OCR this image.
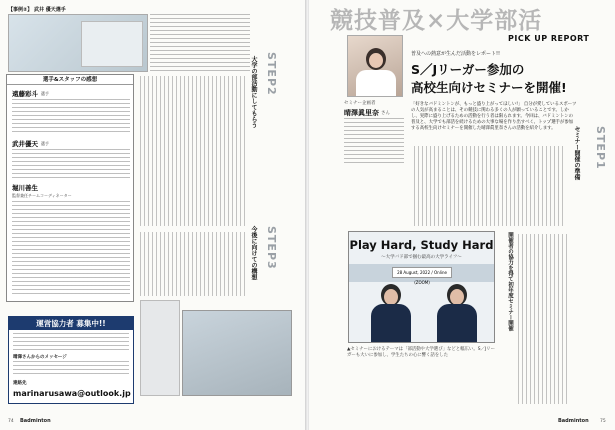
【事例②】 武井 優天選手
選手&スタッフの感想
遠藤彩斗 選手
武井優天 選手
堀川善生
監督兼任チームコーディネーター
運営協力者 募集中!!
晴澤さんからのメッセージ
連絡先
marinarusawa@outlook.jp
STEP2
大学の部活動にしてもらう
STEP3
今後に向けての構想
74 Badminton
競技普及×大学部活
PICK UP REPORT
セミナー企画者
晴澤眞里奈 さん
普及への熱意が生んだ活動をレポート!!
S／Jリーガー参加の
高校生向けセミナーを開催!
「好きなバドミントンが、もっと盛り上がってほしい!」 自分が愛しているスポーツの人気が高まることは、その競技に関わる多くの人が願っていることです。しかし、実際に盛り上げるための活動を行う者は限られます。今回は、バドミントンの普及と、大学でも部活を続けるための大事な場を作り出すべく、トップ選手が参加する高校生向けセミナーを開催した晴澤眞里奈さんの活動を紹介します。	STEP1
セミナー開催の準備
Play Hard, Study Hard
〜大学バド部で掴む最高の大学ライフ〜
28 August, 2022 / Online (ZOOM)
▲セミナーにおけるテーマは「部活動や大学選び」などと幅広い。S／Jリーガーも大いに参加し、学生たちの心に響く話をした
開催者の協力を得て初年度セミナー開催
75
Badminton
